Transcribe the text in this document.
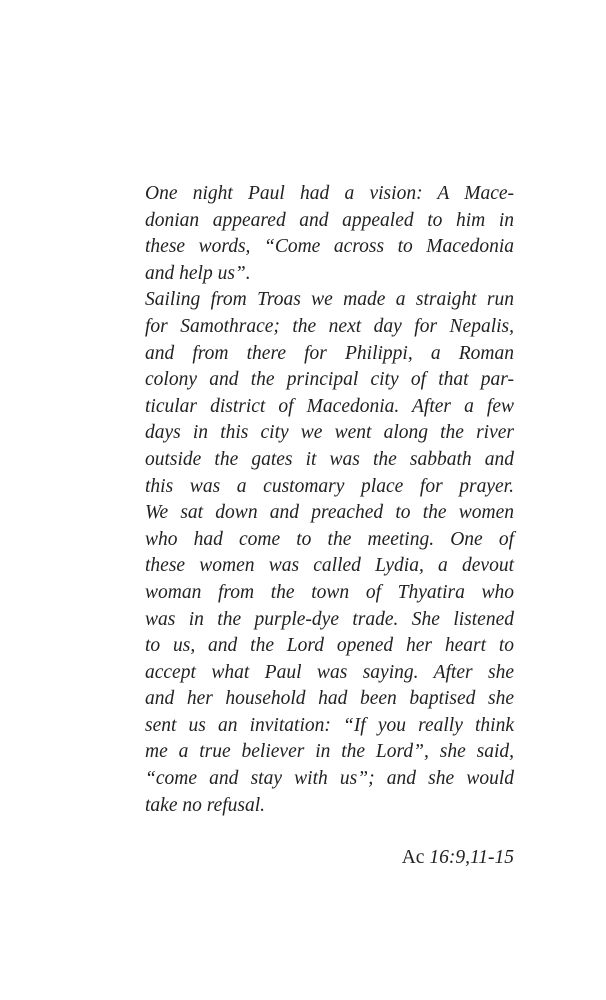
One night Paul had a vision: A Mace-
donian appeared and appealed to him in
these words, “Come across to Macedonia
and help us”.
Sailing from Troas we made a straight run
for Samothrace; the next day for Nepalis,
and from there for Philippi, a Roman
colony and the principal city of that par-
ticular district of Macedonia. After a few
days in this city we went along the river
outside the gates it was the sabbath and
this was a customary place for prayer.
We sat down and preached to the women
who had come to the meeting. One of
these women was called Lydia, a devout
woman from the town of Thyatira who
was in the purple-dye trade. She listened
to us, and the Lord opened her heart to
accept what Paul was saying. After she
and her household had been baptised she
sent us an invitation: “If you really think
me a true believer in the Lord”, she said,
“come and stay with us”; and she would
take no refusal.
Ac 16:9,11-15
